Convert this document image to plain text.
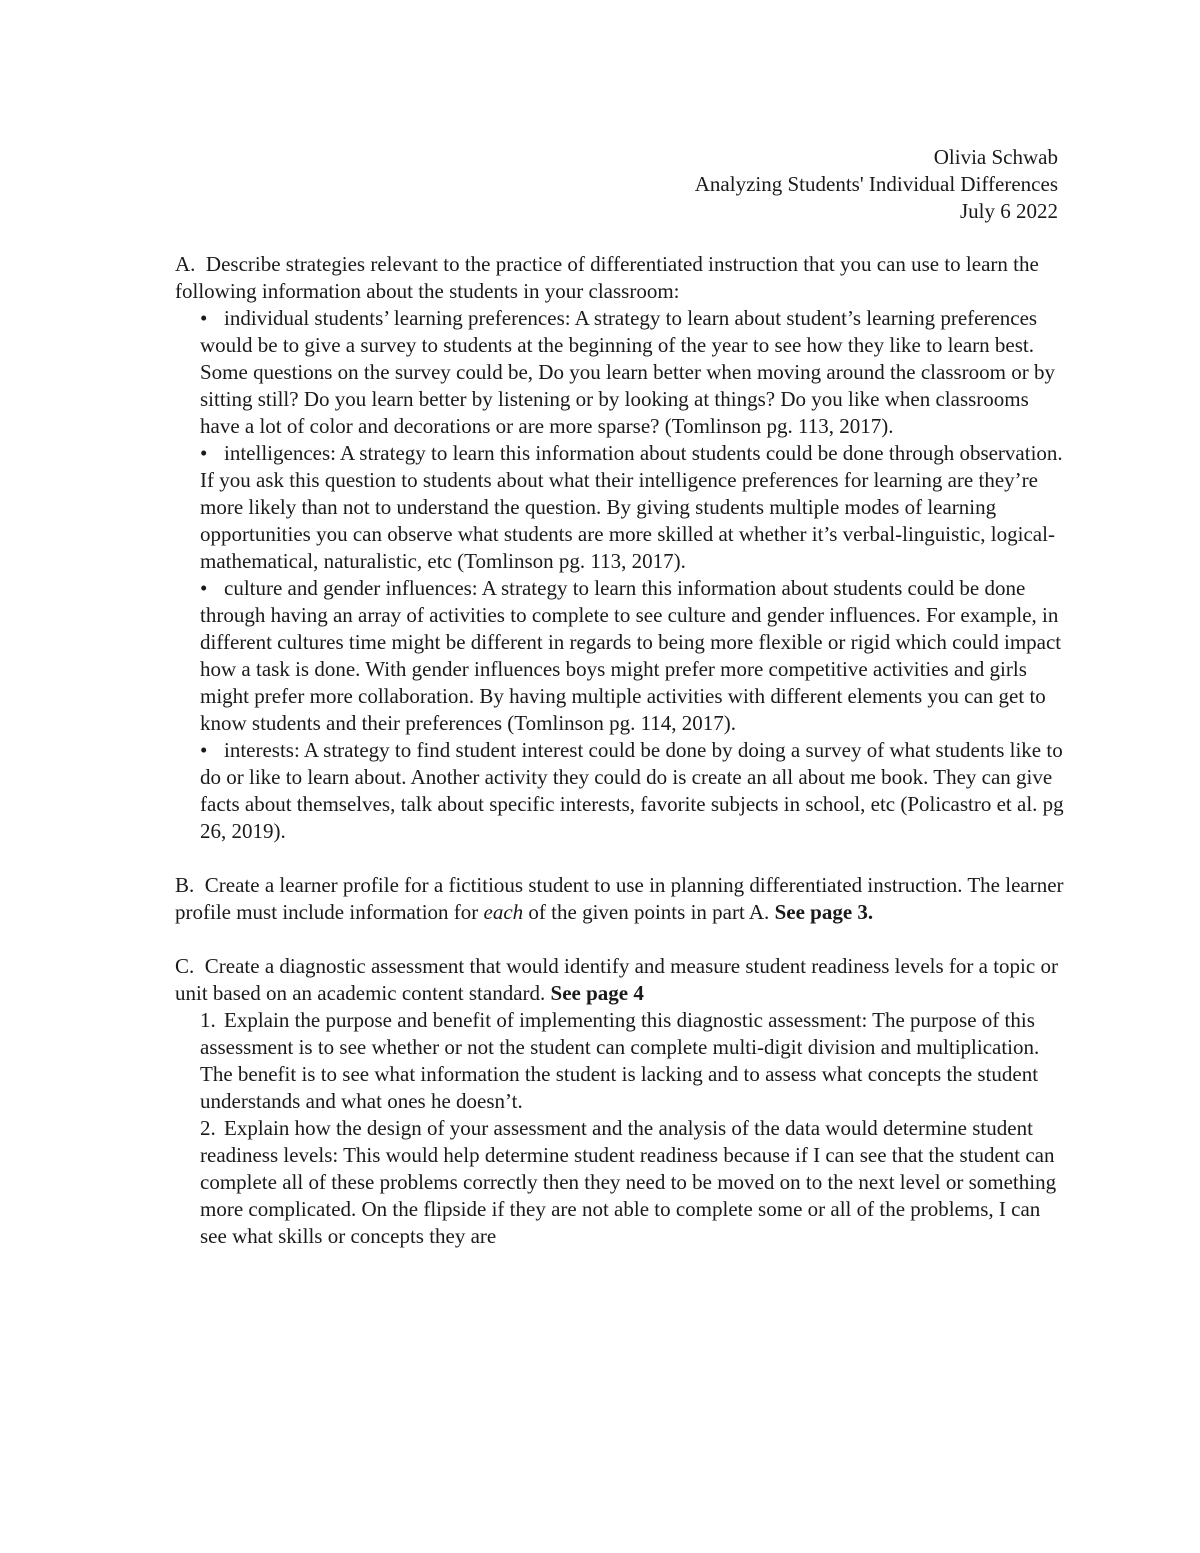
Olivia Schwab
Analyzing Students' Individual Differences
July 6 2022

A. Describe strategies relevant to the practice of differentiated instruction that you can use to learn the following information about the students in your classroom:

• individual students’ learning preferences: A strategy to learn about student’s learning preferences would be to give a survey to students at the beginning of the year to see how they like to learn best. Some questions on the survey could be, Do you learn better when moving around the classroom or by sitting still? Do you learn better by listening or by looking at things? Do you like when classrooms have a lot of color and decorations or are more sparse? (Tomlinson pg. 113, 2017).

• intelligences: A strategy to learn this information about students could be done through observation. If you ask this question to students about what their intelligence preferences for learning are they’re more likely than not to understand the question. By giving students multiple modes of learning opportunities you can observe what students are more skilled at whether it’s verbal-linguistic, logical-mathematical, naturalistic, etc (Tomlinson pg. 113, 2017).

• culture and gender influences: A strategy to learn this information about students could be done through having an array of activities to complete to see culture and gender influences. For example, in different cultures time might be different in regards to being more flexible or rigid which could impact how a task is done. With gender influences boys might prefer more competitive activities and girls might prefer more collaboration. By having multiple activities with different elements you can get to know students and their preferences (Tomlinson pg. 114, 2017).

• interests: A strategy to find student interest could be done by doing a survey of what students like to do or like to learn about. Another activity they could do is create an all about me book. They can give facts about themselves, talk about specific interests, favorite subjects in school, etc (Policastro et al. pg 26, 2019).

B. Create a learner profile for a fictitious student to use in planning differentiated instruction. The learner profile must include information for each of the given points in part A. See page 3.

C. Create a diagnostic assessment that would identify and measure student readiness levels for a topic or unit based on an academic content standard. See page 4

1. Explain the purpose and benefit of implementing this diagnostic assessment: The purpose of this assessment is to see whether or not the student can complete multi-digit division and multiplication. The benefit is to see what information the student is lacking and to assess what concepts the student understands and what ones he doesn’t.

2. Explain how the design of your assessment and the analysis of the data would determine student readiness levels: This would help determine student readiness because if I can see that the student can complete all of these problems correctly then they need to be moved on to the next level or something more complicated. On the flipside if they are not able to complete some or all of the problems, I can see what skills or concepts they are
